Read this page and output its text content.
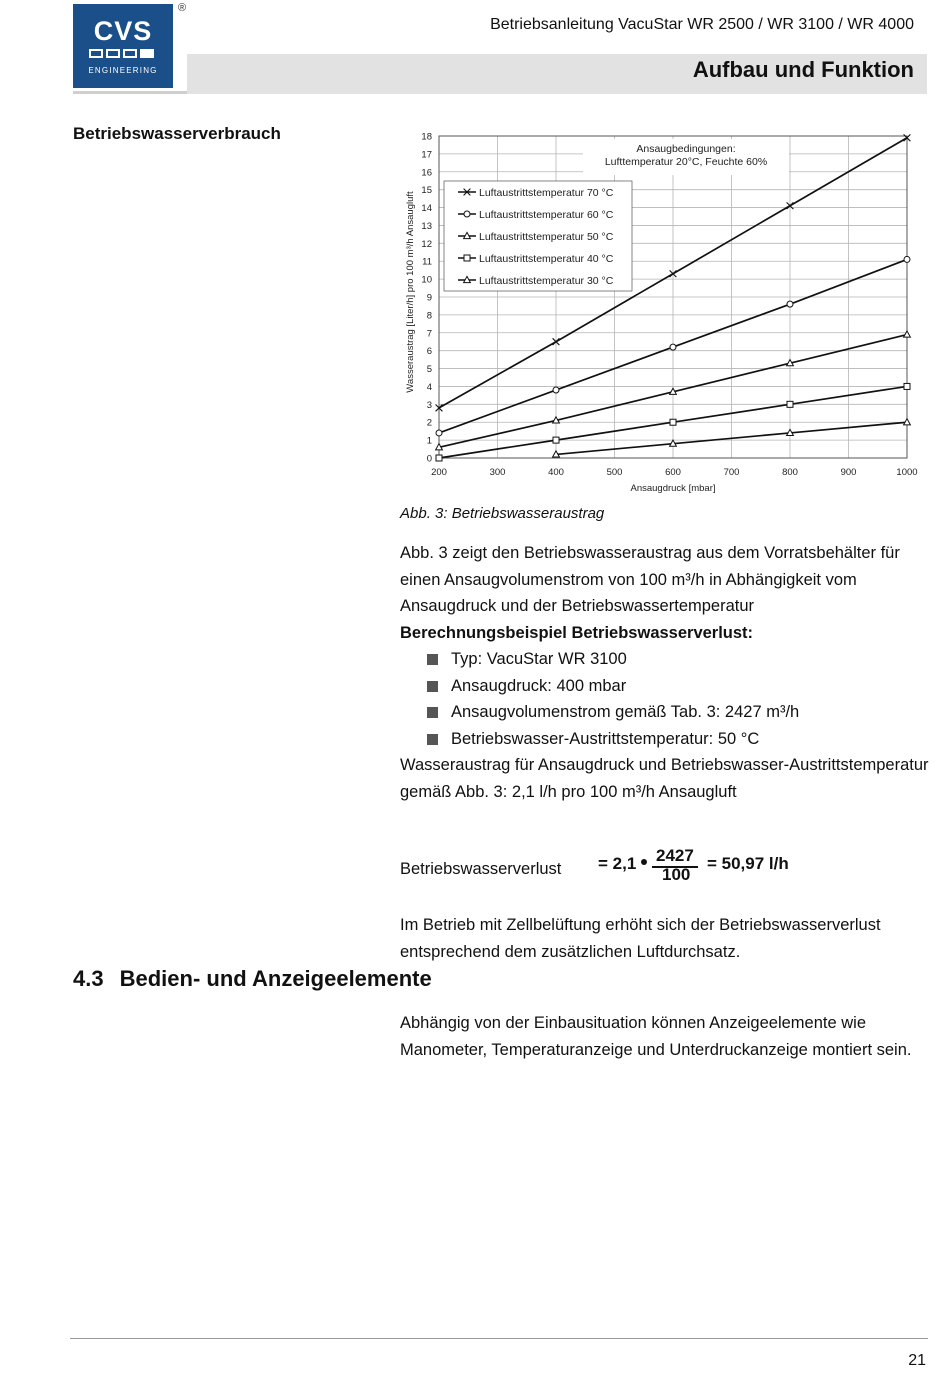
CVS
ENGINEERING
®
Betriebsanleitung VacuStar WR 2500 / WR 3100 / WR 4000
Aufbau und Funktion
Betriebswasserverbrauch
200	300	400	500	600	700	800	900	1000
0
1
2
3
4
5
6
7
8
9
10
11
12
13
14
15
16
17
18
Ansaugdruck [mbar]
Wasseraustrag [Liter/h] pro 100 m³/h Ansaugluft
Ansaugbedingungen:
Lufttemperatur 20°C, Feuchte 60%
Luftaustrittstemperatur 70 °C
Luftaustrittstemperatur 60 °C
Luftaustrittstemperatur 50 °C
Luftaustrittstemperatur 40 °C
Luftaustrittstemperatur 30 °C
Abb. 3: Betriebswasseraustrag
Abb. 3 zeigt den Betriebswasseraustrag aus dem Vorratsbehälter für einen Ansaugvolumenstrom von 100 m³/h in Abhängigkeit vom Ansaugdruck und der Betriebswassertemperatur
Berechnungsbeispiel Betriebswasserverlust:
Typ: VacuStar WR 3100
Ansaugdruck: 400 mbar
Ansaugvolumenstrom gemäß Tab. 3: 2427 m³/h
Betriebswasser-Austrittstemperatur: 50 °C
Wasseraustrag für Ansaugdruck und Betriebswasser-Austrittstemperatur gemäß Abb. 3: 2,1 l/h pro 100 m³/h Ansaugluft
Betriebswasserverlust = 2,1 2427
100
= 50,97 l/h
Im Betrieb mit Zellbelüftung erhöht sich der Betriebswasserverlust entsprechend dem zusätzlichen Luftdurchsatz.
4.3 Bedien- und Anzeigeelemente
Abhängig von der Einbausituation können Anzeigeelemente wie Manometer, Temperaturanzeige und Unterdruckanzeige montiert sein.
21
